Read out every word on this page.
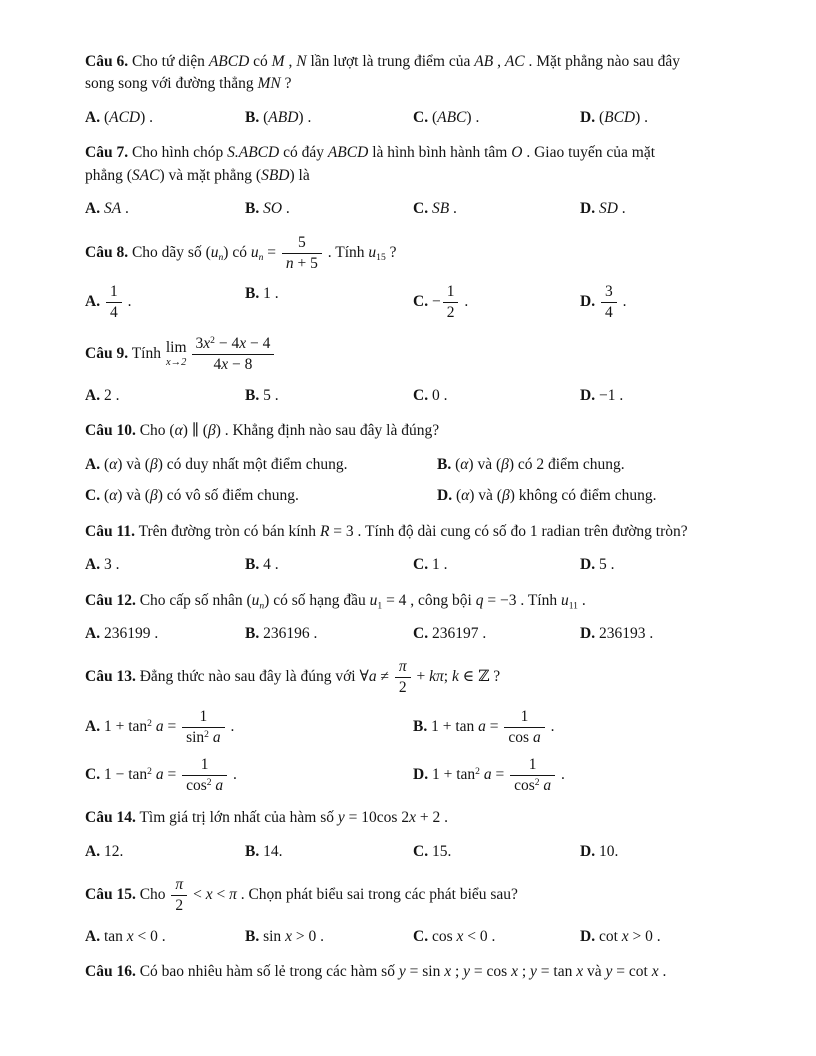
Câu 6. Cho tứ diện ABCD có M , N lần lượt là trung điểm của AB , AC . Mặt phẳng nào sau đây
song song với đường thẳng MN ?

A. (ACD) .	B. (ABD) .	C. (ABC) .	D. (BCD) .

Câu 7. Cho hình chóp S.ABCD có đáy ABCD là hình bình hành tâm O . Giao tuyến của mặt
phẳng (SAC) và mặt phẳng (SBD) là

A. SA .	B. SO .	C. SB .	D. SD .

Câu 8. Cho dãy số $(u_n)$ có $u_n = \frac{5}{n + 5}$ . Tính $u_{15}$ ?

A. $\frac{1}{4}$ .	B. 1 .	C. − $\frac{1}{2}$ .	D. $\frac{3}{4}$ .

Câu 9. Tính lim
$x\to 2 \frac{3x^2 - 4x - 4}{4x - 8}$

A. 2 .	B. 5 .	C. 0 .	D. −1 .

Câu 10. Cho (α) ∥ (β) . Khẳng định nào sau đây là đúng?

A. (α) và (β) có duy nhất một điểm chung.	B. (α) và (β) có 2 điểm chung.
C. (α) và (β) có vô số điểm chung.	D. (α) và (β) không có điểm chung.

Câu 11. Trên đường tròn có bán kính R = 3 . Tính độ dài cung có số đo 1 radian trên đường tròn?

A. 3 .	B. 4 .	C. 1 .	D. 5 .

Câu 12. Cho cấp số nhân $(u_n)$ có số hạng đầu $u_1 = 4$ , công bội q = −3 . Tính $u_{11}$ .

A. 236199 .	B. 236196 .	C. 236197 .	D. 236193 .

Câu 13. Đẳng thức nào sau đây là đúng với ∀a ≠ $\frac{\pi}{2} + k\pi$; k ∈ ℤ ?

A. $1 + \tan^2 a = \frac{1}{\sin^2 a}$ .	B. $1 + \tan a = \frac{1}{\text{cos a}}$ .
C. $1 - \tan^2 a = \frac{1}{\cos^2 a}$ .	D. $1 + \tan^2 a = \frac{1}{\cos^2 a}$ .

Câu 14. Tìm giá trị lớn nhất của hàm số y = 10cos 2x + 2 .

A. 12.	B. 14.	C. 15.	D. 10.

Câu 15. Cho $\frac{\pi}{2} < x < \pi$ . Chọn phát biểu sai trong các phát biểu sau?

A. tan x < 0 .	B. sin x > 0 .	C. cos x < 0 .	D. cot x > 0 .

Câu 16. Có bao nhiêu hàm số lẻ trong các hàm số y = sin x ; y = cos x ; y = tan x và y = cot x .
